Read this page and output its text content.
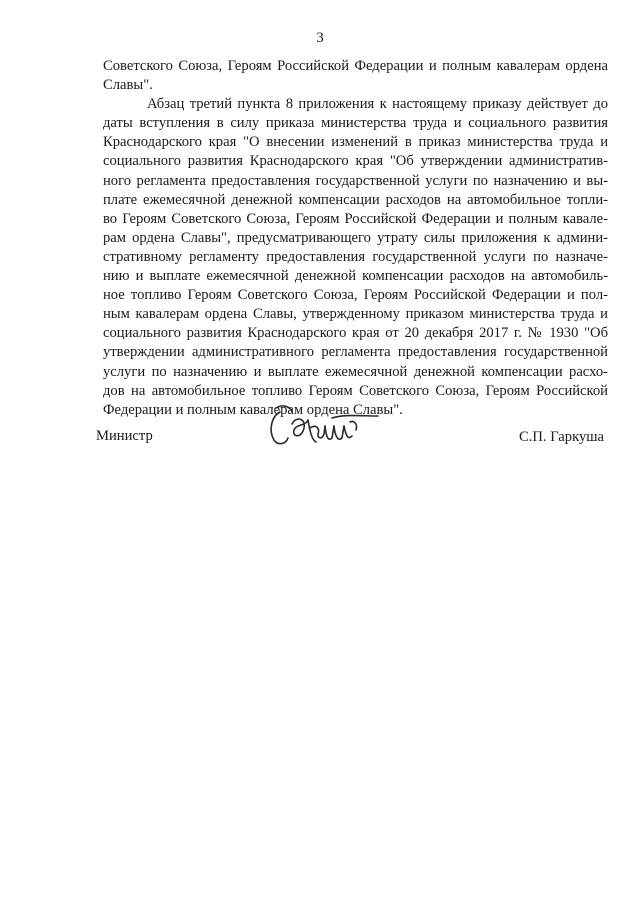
3
Советского Союза, Героям Российской Федерации и полным кавалерам ордена
Славы".
Абзац третий пункта 8 приложения к настоящему приказу действует до
даты вступления в силу приказа министерства труда и социального развития
Краснодарского края "О внесении изменений в приказ министерства труда и
социального развития Краснодарского края "Об утверждении административ-
ного регламента предоставления государственной услуги по назначению и вы-
плате ежемесячной денежной компенсации расходов на автомобильное топли-
во Героям Советского Союза, Героям Российской Федерации и полным кавале-
рам ордена Славы", предусматривающего утрату силы приложения к админи-
стративному регламенту предоставления государственной услуги по назначе-
нию и выплате ежемесячной денежной компенсации расходов на автомобиль-
ное топливо Героям Советского Союза, Героям Российской Федерации и пол-
ным кавалерам ордена Славы, утвержденному приказом министерства труда и
социального развития Краснодарского края от 20 декабря 2017 г. № 1930 "Об
утверждении административного регламента предоставления государственной
услуги по назначению и выплате ежемесячной денежной компенсации расхо-
дов на автомобильное топливо Героям Советского Союза, Героям Российской
Федерации и полным кавалерам ордена Славы".
Министр	С.П. Гаркуша
